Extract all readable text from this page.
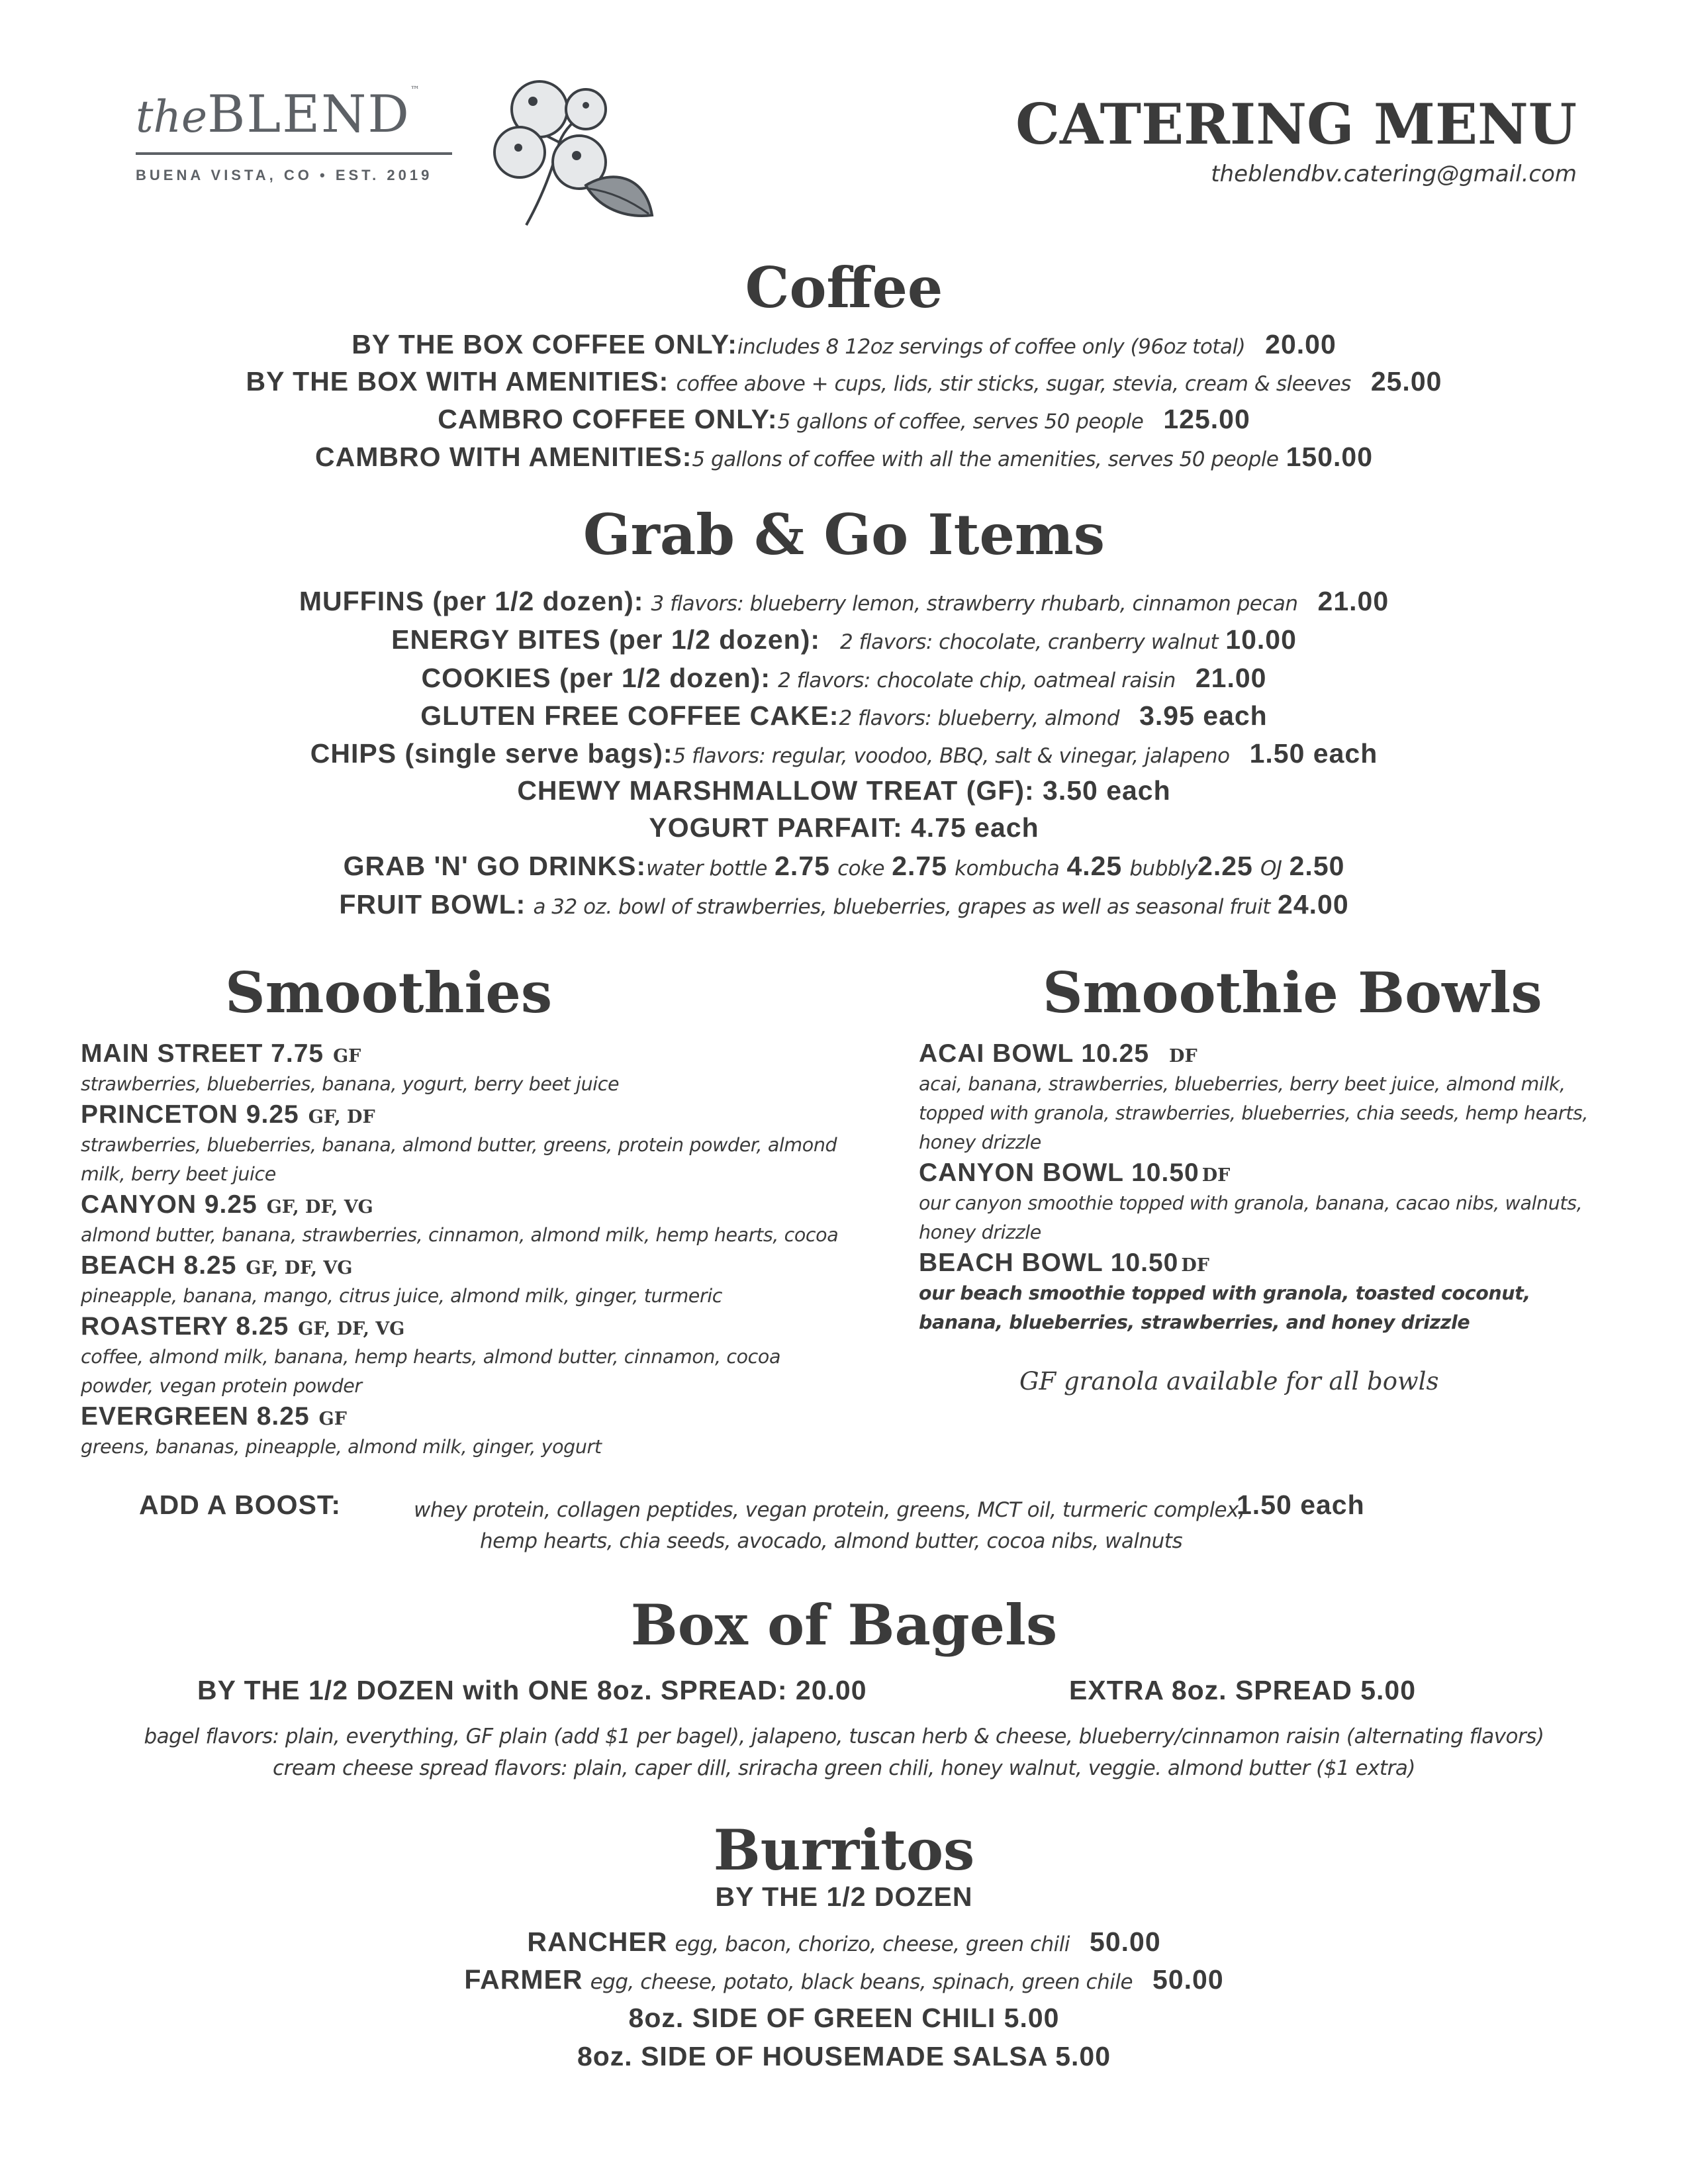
theBLEND™
BUENA VISTA, CO • EST. 2019
CATERING MENU
theblendbv.catering@gmail.com
Coffee
BY THE BOX COFFEE ONLY:includes 8 12oz servings of coffee only (96oz total) 20.00
BY THE BOX WITH AMENITIES: coffee above + cups, lids, stir sticks, sugar, stevia, cream & sleeves 25.00
CAMBRO COFFEE ONLY:5 gallons of coffee, serves 50 people 125.00
CAMBRO WITH AMENITIES:5 gallons of coffee with all the amenities, serves 50 people 150.00
Grab & Go Items
MUFFINS (per 1/2 dozen): 3 flavors: blueberry lemon, strawberry rhubarb, cinnamon pecan 21.00
ENERGY BITES (per 1/2 dozen): 2 flavors: chocolate, cranberry walnut 10.00
COOKIES (per 1/2 dozen): 2 flavors: chocolate chip, oatmeal raisin 21.00
GLUTEN FREE COFFEE CAKE:2 flavors: blueberry, almond 3.95 each
CHIPS (single serve bags):5 flavors: regular, voodoo, BBQ, salt & vinegar, jalapeno 1.50 each
CHEWY MARSHMALLOW TREAT (GF): 3.50 each
YOGURT PARFAIT: 4.75 each
GRAB 'N' GO DRINKS:water bottle 2.75 coke 2.75 kombucha 4.25 bubbly2.25 OJ 2.50
FRUIT BOWL: a 32 oz. bowl of strawberries, blueberries, grapes as well as seasonal fruit 24.00
Smoothies
MAIN STREET 7.75 GF
strawberries, blueberries, banana, yogurt, berry beet juice
PRINCETON 9.25 GF, DF
strawberries, blueberries, banana, almond butter, greens, protein powder, almond milk, berry beet juice
CANYON 9.25 GF, DF, VG
almond butter, banana, strawberries, cinnamon, almond milk, hemp hearts, cocoa
BEACH 8.25 GF, DF, VG
pineapple, banana, mango, citrus juice, almond milk, ginger, turmeric
ROASTERY 8.25 GF, DF, VG
coffee, almond milk, banana, hemp hearts, almond butter, cinnamon, cocoa powder, vegan protein powder
EVERGREEN 8.25 GF
greens, bananas, pineapple, almond milk, ginger, yogurt
Smoothie Bowls
ACAI BOWL 10.25 DF
acai, banana, strawberries, blueberries, berry beet juice, almond milk, topped with granola, strawberries, blueberries, chia seeds, hemp hearts, honey drizzle
CANYON BOWL 10.50 DF
our canyon smoothie topped with granola, banana, cacao nibs, walnuts, honey drizzle
BEACH BOWL 10.50 DF
our beach smoothie topped with granola, toasted coconut, banana, blueberries, strawberries, and honey drizzle
GF granola available for all bowls
ADD A BOOST:	whey protein, collagen peptides, vegan protein, greens, MCT oil, turmeric complex,
1.50 each
hemp hearts, chia seeds, avocado, almond butter, cocoa nibs, walnuts
Box of Bagels
BY THE 1/2 DOZEN with ONE 8oz. SPREAD: 20.00	EXTRA 8oz. SPREAD 5.00
bagel flavors: plain, everything, GF plain (add $1 per bagel), jalapeno, tuscan herb & cheese, blueberry/cinnamon raisin (alternating flavors)
cream cheese spread flavors: plain, caper dill, sriracha green chili, honey walnut, veggie. almond butter ($1 extra)
Burritos
BY THE 1/2 DOZEN
RANCHER egg, bacon, chorizo, cheese, green chili 50.00
FARMER egg, cheese, potato, black beans, spinach, green chile 50.00
8oz. SIDE OF GREEN CHILI 5.00
8oz. SIDE OF HOUSEMADE SALSA 5.00
